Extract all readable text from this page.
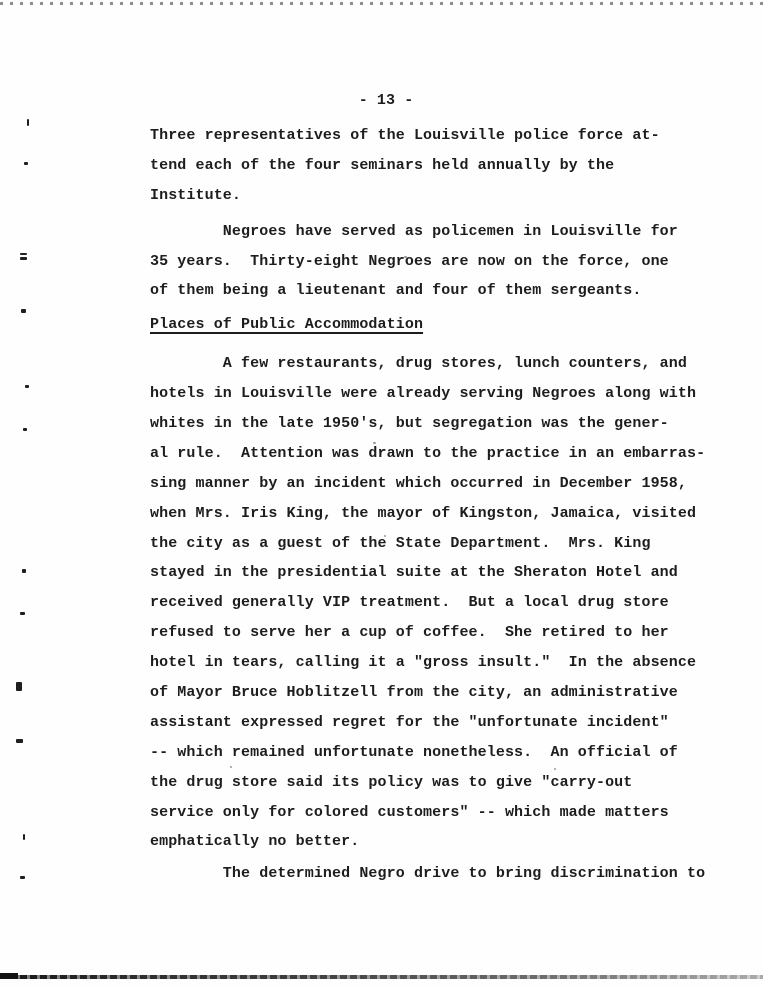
- 13 -
Three representatives of the Louisville police force at-
tend each of the four seminars held annually by the
Institute.
Negroes have served as policemen in Louisville for
35 years.  Thirty-eight Negroes are now on the force, one
of them being a lieutenant and four of them sergeants.
Places of Public Accommodation
A few restaurants, drug stores, lunch counters, and
hotels in Louisville were already serving Negroes along with
whites in the late 1950's, but segregation was the gener-
al rule.  Attention was drawn to the practice in an embarras-
sing manner by an incident which occurred in December 1958,
when Mrs. Iris King, the mayor of Kingston, Jamaica, visited
the city as a guest of the State Department.  Mrs. King
stayed in the presidential suite at the Sheraton Hotel and
received generally VIP treatment.  But a local drug store
refused to serve her a cup of coffee.  She retired to her
hotel in tears, calling it a "gross insult."  In the absence
of Mayor Bruce Hoblitzell from the city, an administrative
assistant expressed regret for the "unfortunate incident"
-- which remained unfortunate nonetheless.  An official of
the drug store said its policy was to give "carry-out
service only for colored customers" -- which made matters
emphatically no better.
The determined Negro drive to bring discrimination to
